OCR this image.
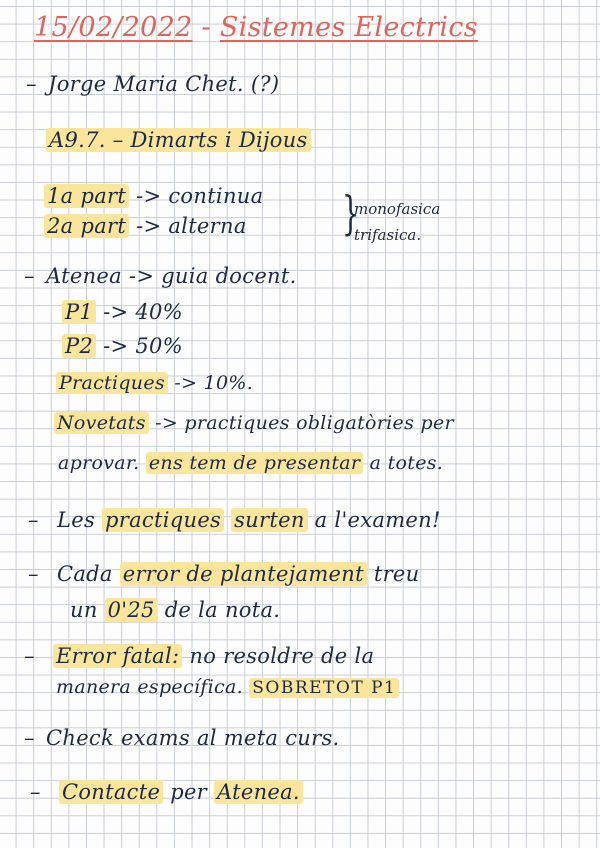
15/02/2022 - Sistemes Electrics
– Jorge Maria Chet. (?)
A9.7. – Dimarts i Dijous
1a part -> continua
2a part -> alterna }
monofasica
trifasica.
– Atenea -> guia docent.
P1 -> 40%
P2 -> 50%
Practiques -> 10%.
Novetats -> practiques obligatòries per
aprovar. ens tem de presentar a totes.
– Les practiques surten a l'examen!
– Cada error de plantejament treu
un 0'25 de la nota.
– Error fatal: no resoldre de la
manera específica. SOBRETOT P1
– Check exams al meta curs.
– Contacte per Atenea.
